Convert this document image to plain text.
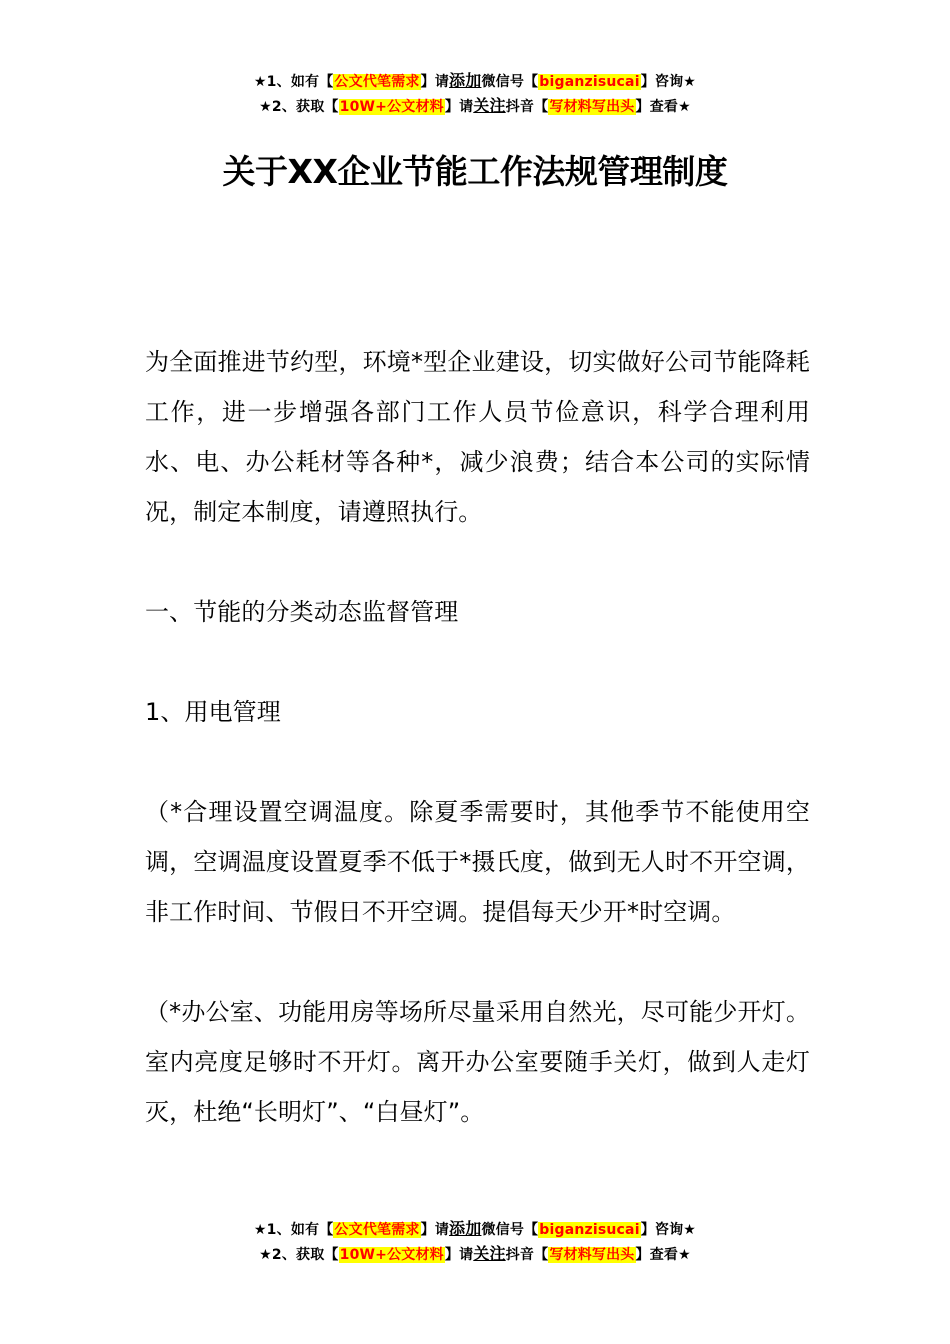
★1、如有【公文代笔需求】请添加微信号【biganzisucai】咨询★
★2、获取【10W+公文材料】请关注抖音【写材料写出头】查看★
关于XX企业节能工作法规管理制度

为全面推进节约型，环境*型企业建设，切实做好公司节能降耗工作，进一步增强各部门工作人员节俭意识，科学合理利用水、电、办公耗材等各种*，减少浪费；结合本公司的实际情况，制定本制度，请遵照执行。

一、节能的分类动态监督管理

1、用电管理

（*合理设置空调温度。除夏季需要时，其他季节不能使用空调，空调温度设置夏季不低于*摄氏度，做到无人时不开空调，非工作时间、节假日不开空调。提倡每天少开*时空调。

（*办公室、功能用房等场所尽量采用自然光，尽可能少开灯。室内亮度足够时不开灯。离开办公室要随手关灯，做到人走灯灭，杜绝“长明灯”、“白昼灯”。

★1、如有【公文代笔需求】请添加微信号【biganzisucai】咨询★
★2、获取【10W+公文材料】请关注抖音【写材料写出头】查看★
